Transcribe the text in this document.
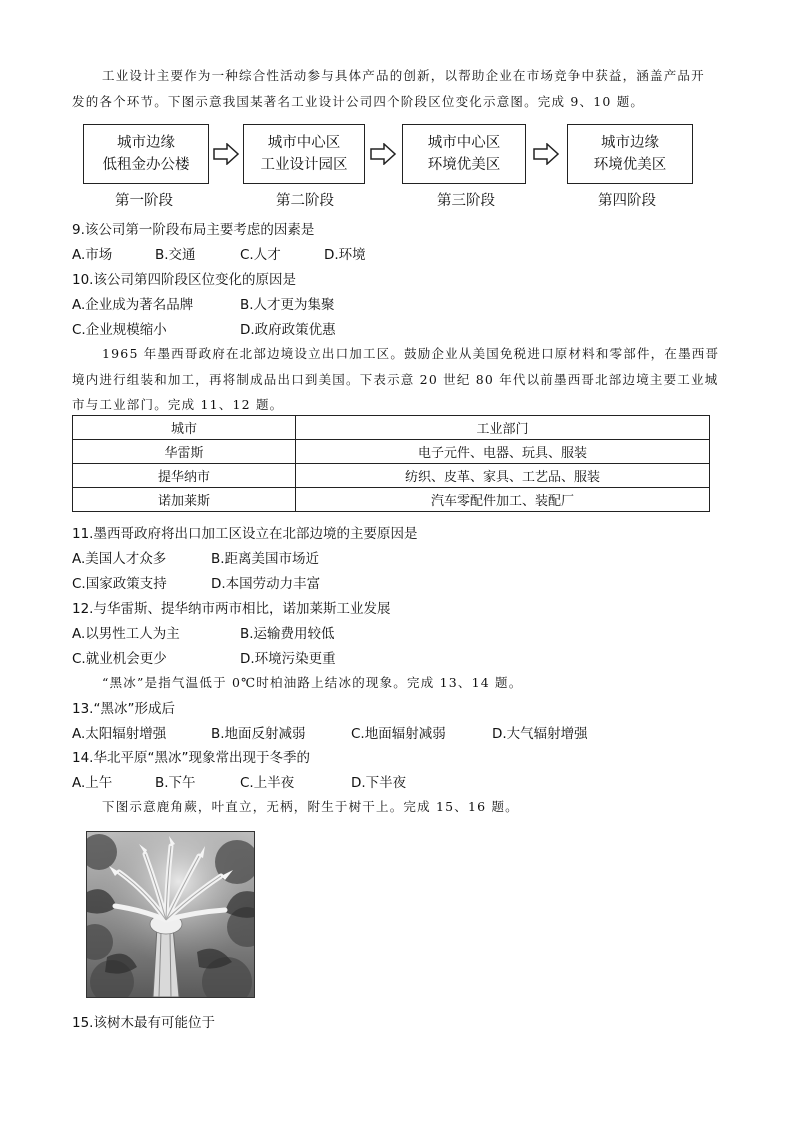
工业设计主要作为一种综合性活动参与具体产品的创新，以帮助企业在市场竞争中获益，涵盖产品开
发的各个环节。下图示意我国某著名工业设计公司四个阶段区位变化示意图。完成 9、10 题。
城市边缘
低租金办公楼
城市中心区
工业设计园区
城市中心区
环境优美区
城市边缘
环境优美区
第一阶段	第二阶段	第三阶段	第四阶段
9.该公司第一阶段布局主要考虑的因素是
A.市场	B.交通	C.人才	D.环境
10.该公司第四阶段区位变化的原因是
A.企业成为著名品牌	B.人才更为集聚
C.企业规模缩小	D.政府政策优惠
1965 年墨西哥政府在北部边境设立出口加工区。鼓励企业从美国免税进口原材料和零部件，在墨西哥
境内进行组装和加工，再将制成品出口到美国。下表示意 20 世纪 80 年代以前墨西哥北部边境主要工业城
市与工业部门。完成 11、12 题。
城市	工业部门
华雷斯	电子元件、电器、玩具、服装
提华纳市	纺织、皮革、家具、工艺品、服装
诺加莱斯	汽车零配件加工、装配厂
11.墨西哥政府将出口加工区设立在北部边境的主要原因是
A.美国人才众多	B.距离美国市场近
C.国家政策支持	D.本国劳动力丰富
12.与华雷斯、提华纳市两市相比，诺加莱斯工业发展
A.以男性工人为主	B.运输费用较低
C.就业机会更少	D.环境污染更重
“黑冰”是指气温低于 0℃时柏油路上结冰的现象。完成 13、14 题。
13.“黑冰”形成后
A.太阳辐射增强	B.地面反射减弱	C.地面辐射减弱	D.大气辐射增强
14.华北平原“黑冰”现象常出现于冬季的
A.上午	B.下午	C.上半夜	D.下半夜
下图示意鹿角蕨，叶直立，无柄，附生于树干上。完成 15、16 题。
15.该树木最有可能位于
